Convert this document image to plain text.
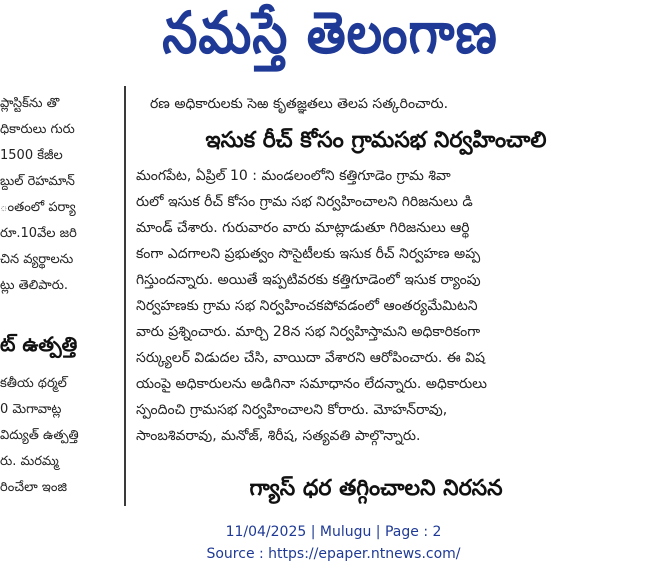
నమస్తే తెలంగాణ
ప్లాస్టిక్‌ను తొ
ధికారులు గురు
1500 కేజీల
బ్దుల్ రెహమాన్
ంతంలో పర్యా
రూ.10వేల జరి
చిన వ్యర్థాలను
ట్లు తెలిపారు.
ట్ ఉత్పత్తి
కతీయ థర్మల్
0 మెగావాట్ల
విద్యుత్ ఉత్పత్తి
రు. మరమ్మ
రించేలా ఇంజి
రణ అధికారులకు సెఱ కృతజ్ఞతలు తెలప సత్కరించారు.
ఇసుక రీచ్ కోసం గ్రామసభ నిర్వహించాలి
మంగపేట, ఏప్రిల్ 10 : మండలంలోని కత్తిగూడెం గ్రామ శివా
రులో ఇసుక రీచ్ కోసం గ్రామ సభ నిర్వహించాలని గిరిజనులు డి
మాండ్ చేశారు. గురువారం వారు మాట్లాడుతూ గిరిజనులు ఆర్థి
కంగా ఎదగాలని ప్రభుత్వం సొసైటీలకు ఇసుక రీచ్ నిర్వహణ అప్ప
గిస్తుందన్నారు. అయితే ఇప్పటివరకు కత్తిగూడెంలో ఇసుక ర్యాంపు
నిర్వహణకు గ్రామ సభ నిర్వహించకపోవడంలో ఆంతర్యమేమిటని
వారు ప్రశ్నించారు. మార్చి 28న సభ నిర్వహిస్తామని అధికారికంగా
సర్క్యులర్ విడుదల చేసి, వాయిదా వేశారని ఆరోపించారు. ఈ విష
యంపై అధికారులను అడిగినా సమాధానం లేదన్నారు. అధికారులు
స్పందించి గ్రామసభ నిర్వహించాలని కోరారు. మోహన్‌రావు,
సాంబశివరావు, మనోజ్, శిరీష, సత్యవతి పాల్గొన్నారు.
గ్యాస్ ధర తగ్గించాలని నిరసన
11/04/2025 | Mulugu | Page : 2
Source : https://epaper.ntnews.com/
